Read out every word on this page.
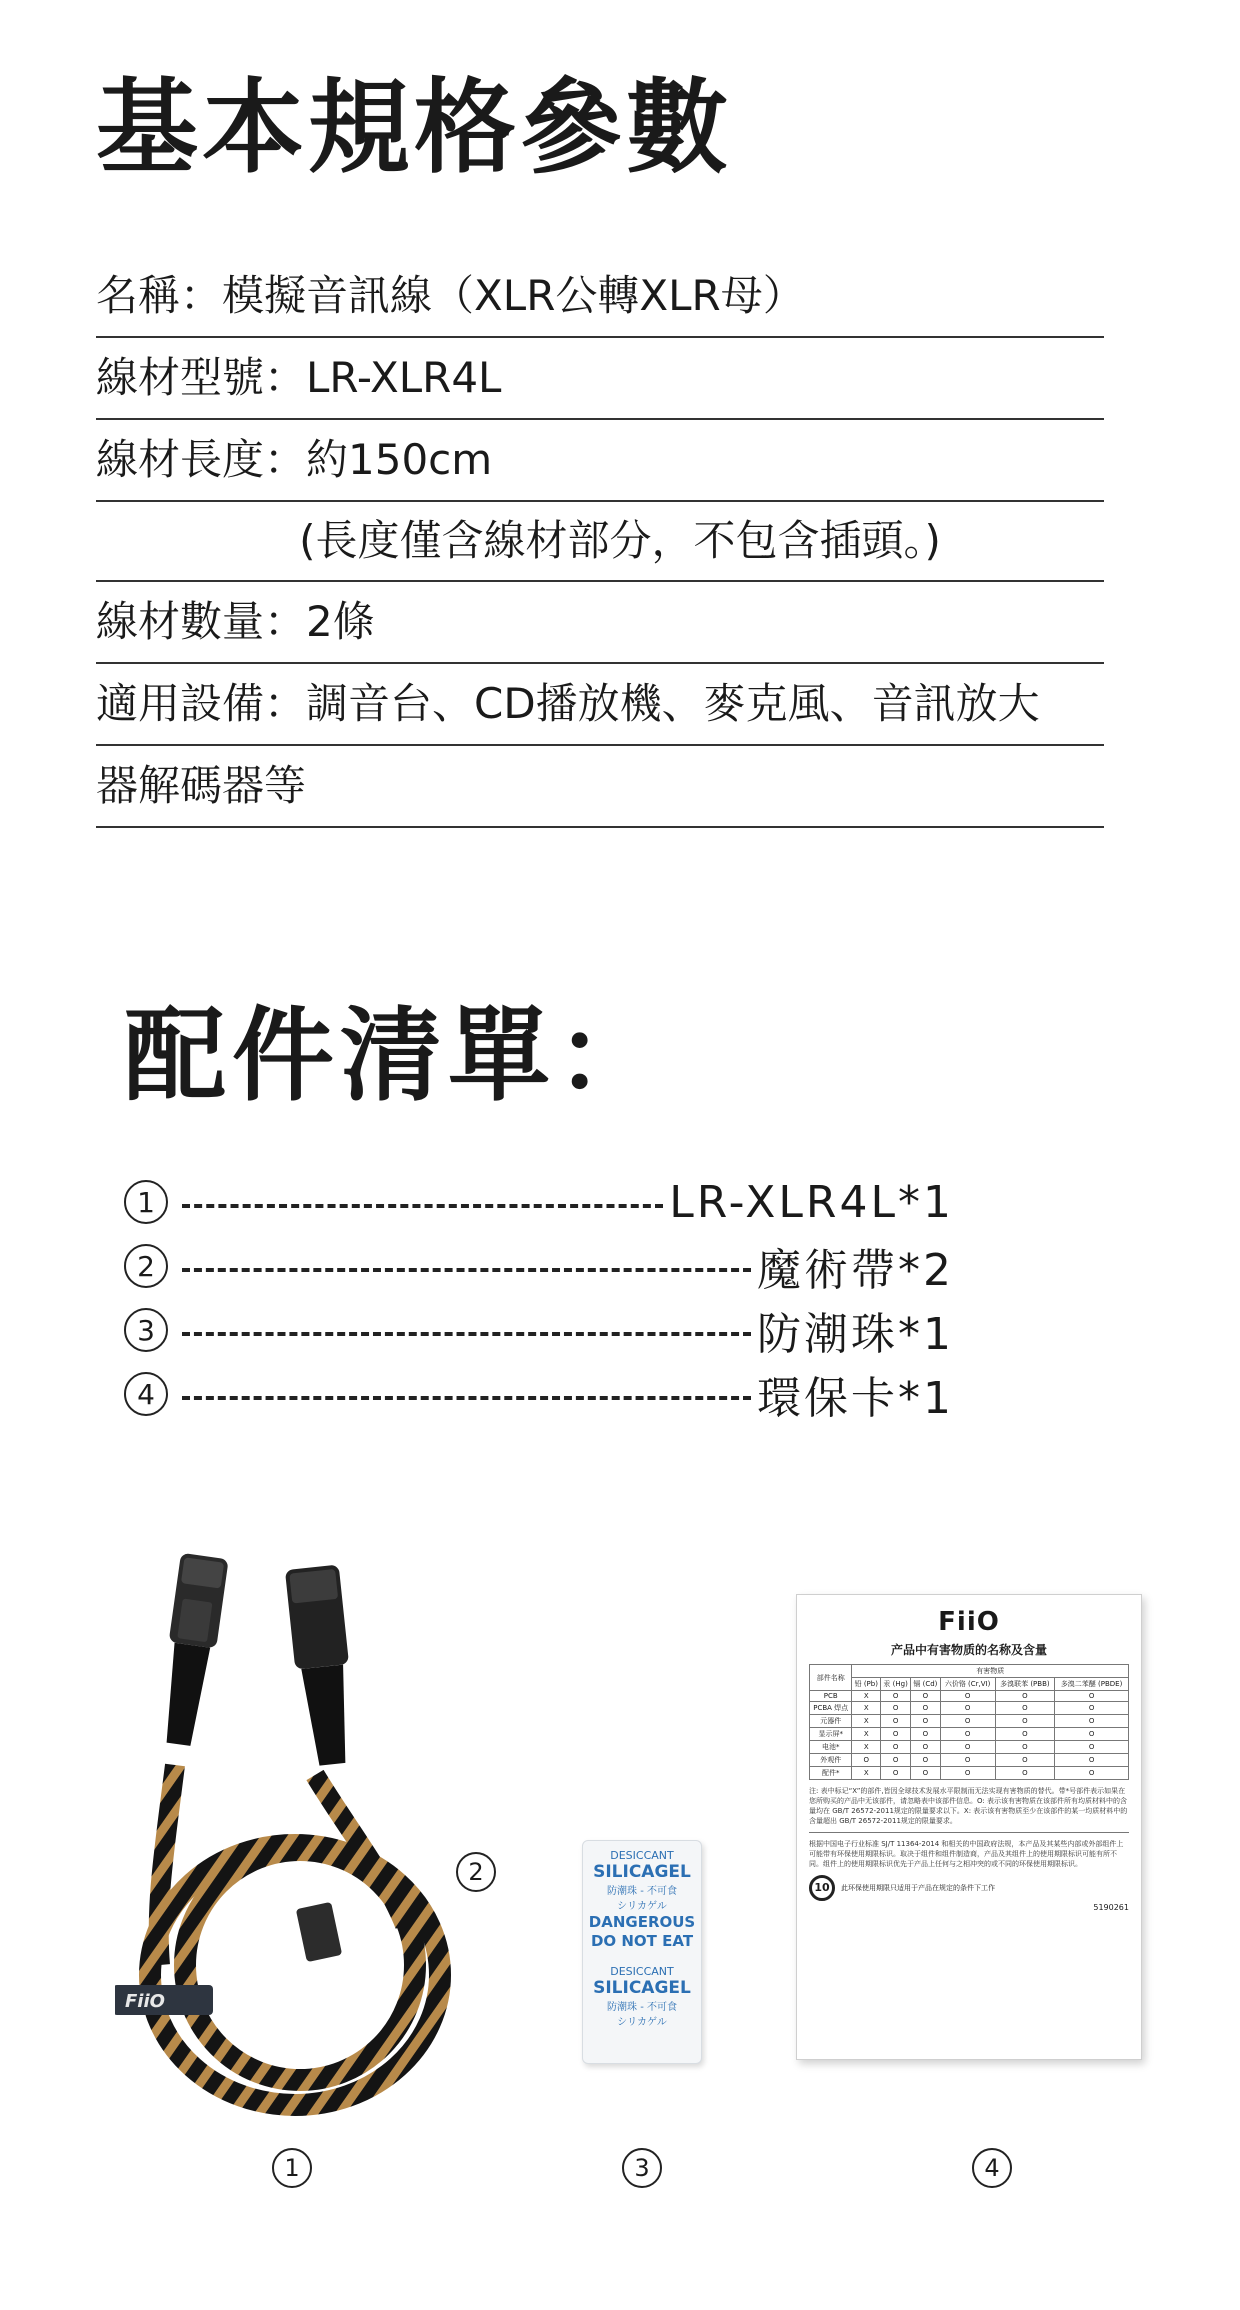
基本規格參數
名稱： 模擬音訊線（XLR公轉XLR母）
線材型號： LR-XLR4L
線材長度： 約150cm
(長度僅含線材部分，不包含插頭。)
線材數量： 2條
適用設備： 調音台、CD播放機、麥克風、音訊放大
器解碼器等
配件清單：
1	LR-XLR4L*1
2	魔術帶*2
3	防潮珠*1
4	環保卡*1
FiiO
2
DESICCANT
SILICAGEL
防潮珠 - 不可食
シリカゲル
DANGEROUS
DO NOT EAT
DESICCANT
SILICAGEL
防潮珠 - 不可食
シリカゲル
FiiO
产品中有害物质的名称及含量
部件名称	有害物质					
	铅 (Pb)	汞 (Hg)	镉 (Cd)	六价铬 (Cr,VI)	多溴联苯 (PBB)	多溴二苯醚 (PBDE)
PCB	X	O	O	O	O	O
PCBA 焊点	X	O	O	O	O	O
元器件	X	O	O	O	O	O
显示屏*	X	O	O	O	O	O
电池*	X	O	O	O	O	O
外观件	O	O	O	O	O	O
配件*	X	O	O	O	O	O
注: 表中标记“X”的部件,皆因全球技术发展水平限制而无法实现有害物质的替代。带*号部件表示如果在您所购买的产品中无该部件，请忽略表中该部件信息。O: 表示该有害物质在该部件所有均质材料中的含量均在 GB/T 26572-2011规定的限量要求以下。X: 表示该有害物质至少在该部件的某一均质材料中的含量超出 GB/T 26572-2011规定的限量要求。
根据中国电子行业标准 SJ/T 11364-2014 和相关的中国政府法规，本产品及其某些内部或外部组件上可能带有环保使用期限标识。取决于组件和组件制造商，产品及其组件上的使用期限标识可能有所不同。组件上的使用期限标识优先于产品上任何与之相冲突的或不同的环保使用期限标识。
10	此环保使用期限只适用于产品在规定的条件下工作
5190261
1	3	4
